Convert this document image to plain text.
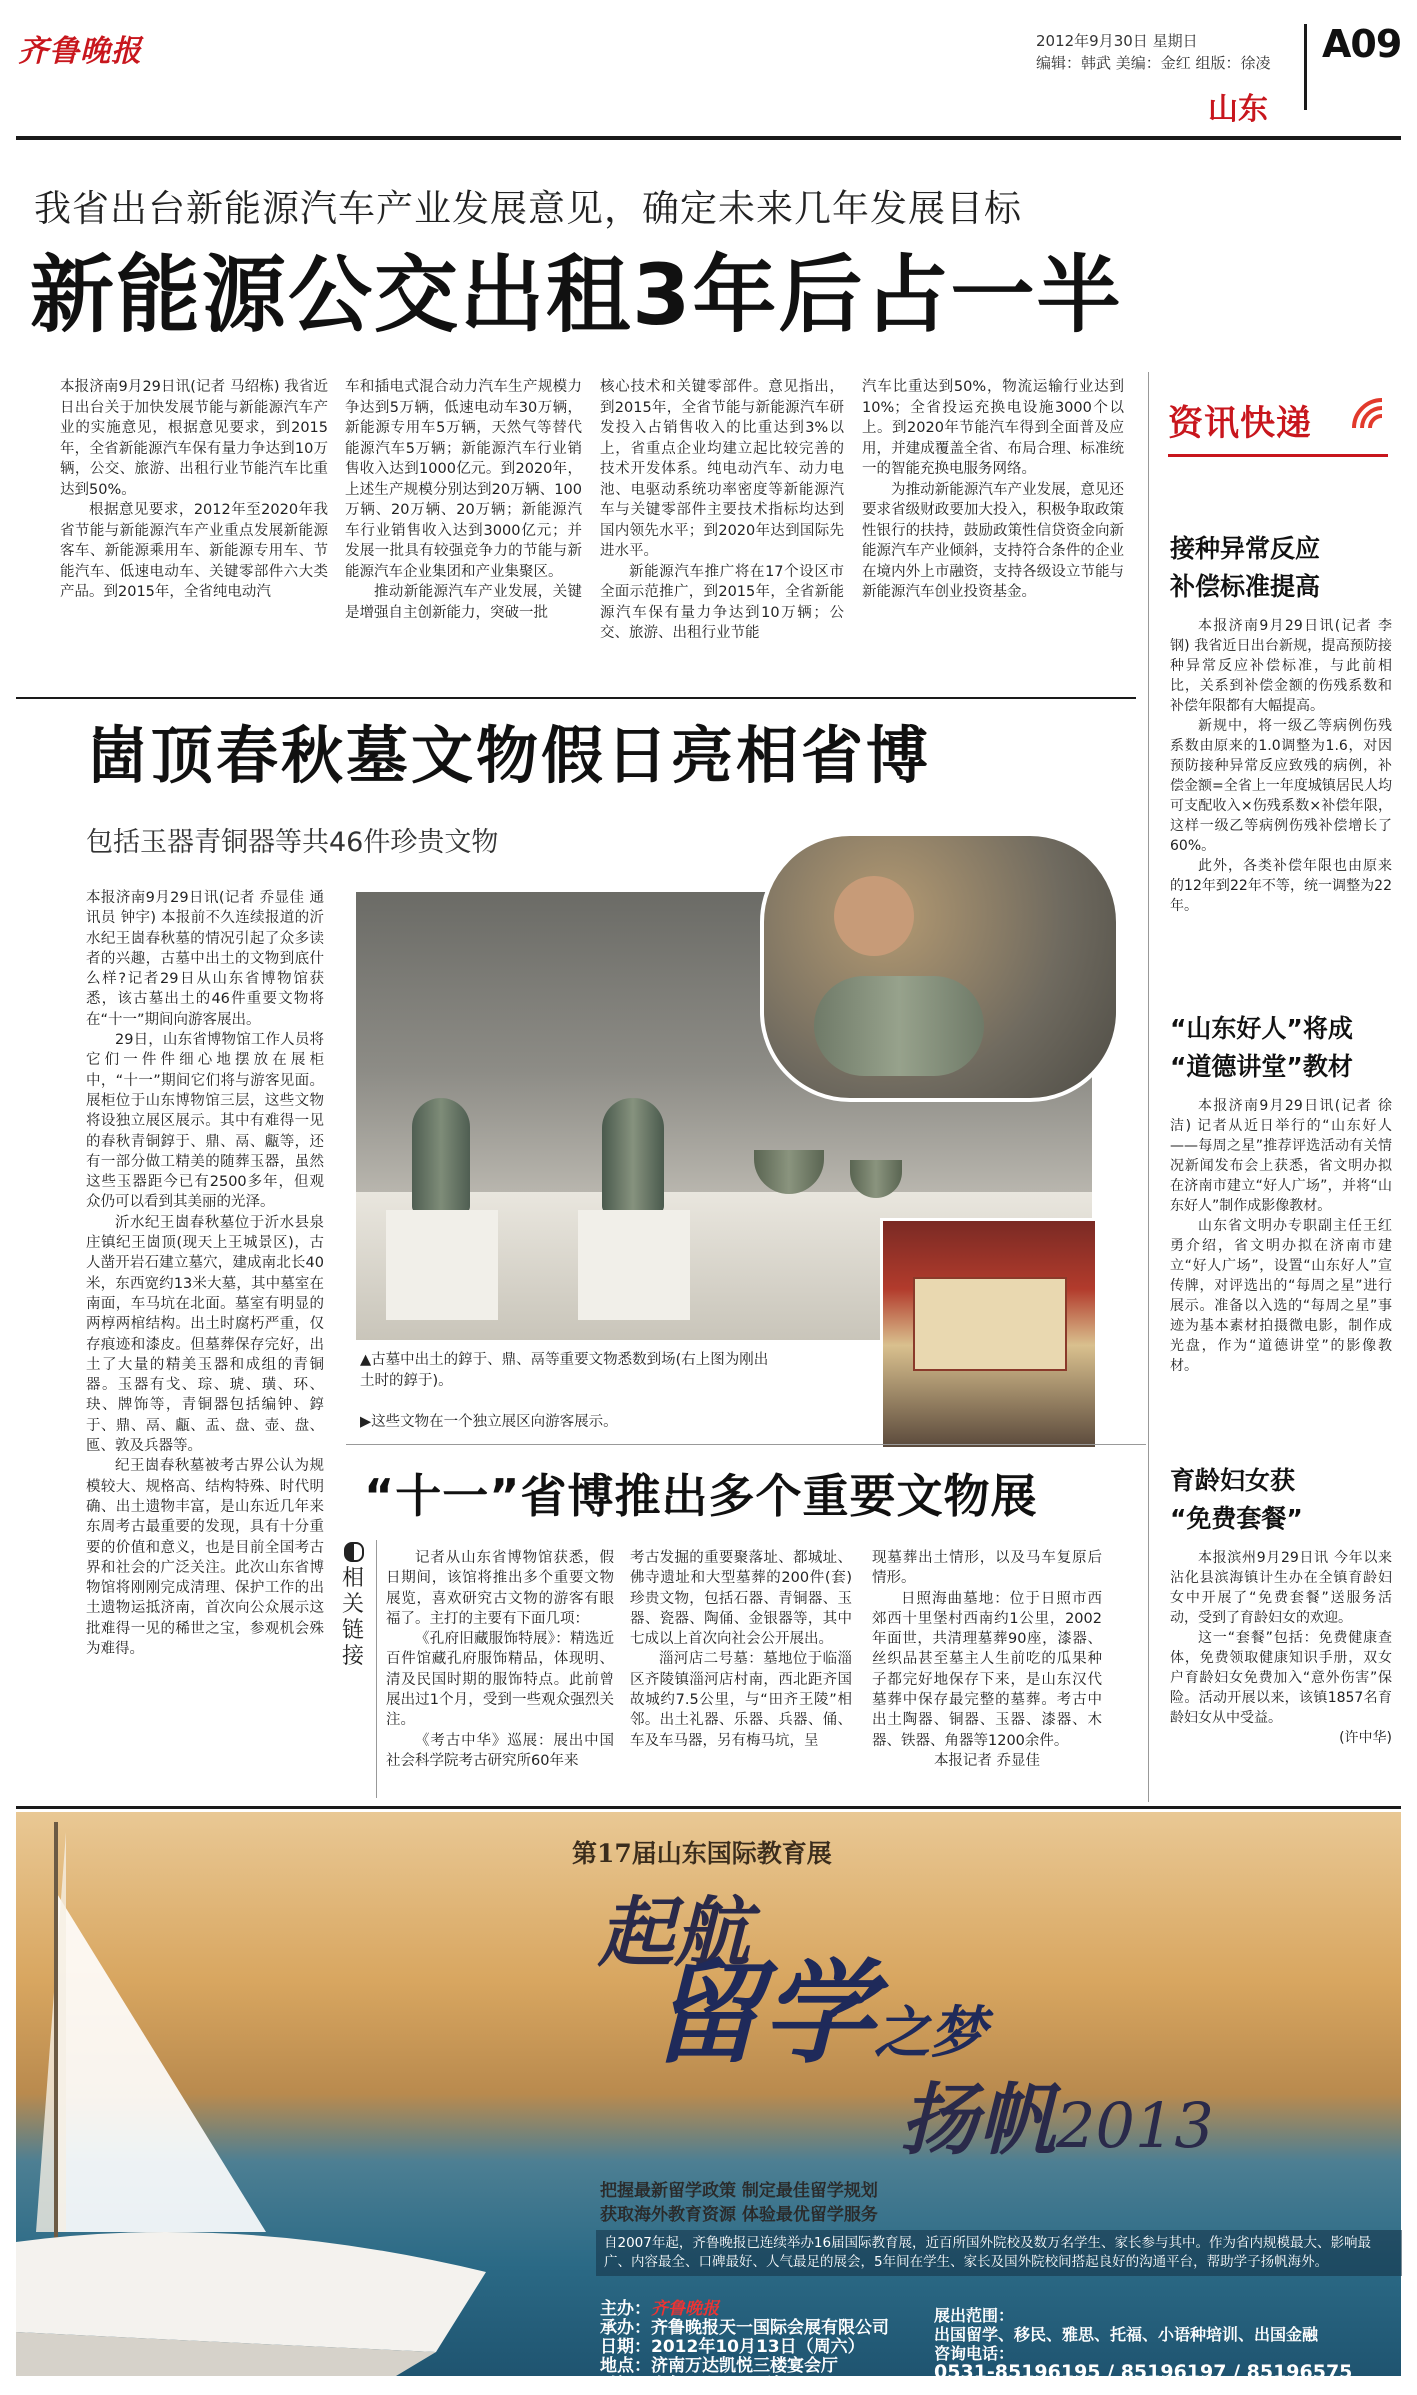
齐鲁晚报	2012年9月30日 星期日
编辑：韩武 美编：金红 组版：徐凌 A09
山东
我省出台新能源汽车产业发展意见，确定未来几年发展目标
新能源公交出租3年后占一半

本报济南9月29日讯(记者 马绍栋) 我省近日出台关于加快发展节能与新能源汽车产业的实施意见，根据意见要求，到2015年，全省新能源汽车保有量力争达到10万辆，公交、旅游、出租行业节能汽车比重达到50%。

根据意见要求，2012年至2020年我省节能与新能源汽车产业重点发展新能源客车、新能源乘用车、新能源专用车、节能汽车、低速电动车、关键零部件六大类产品。到2015年，全省纯电动汽

车和插电式混合动力汽车生产规模力争达到5万辆，低速电动车30万辆，新能源专用车5万辆，天然气等替代能源汽车5万辆；新能源汽车行业销售收入达到1000亿元。到2020年，上述生产规模分别达到20万辆、100万辆、20万辆、20万辆；新能源汽车行业销售收入达到3000亿元；并发展一批具有较强竞争力的节能与新能源汽车企业集团和产业集聚区。

推动新能源汽车产业发展，关键是增强自主创新能力，突破一批

核心技术和关键零部件。意见指出，到2015年，全省节能与新能源汽车研发投入占销售收入的比重达到3%以上，省重点企业均建立起比较完善的技术开发体系。纯电动汽车、动力电池、电驱动系统功率密度等新能源汽车与关键零部件主要技术指标均达到国内领先水平；到2020年达到国际先进水平。

新能源汽车推广将在17个设区市全面示范推广，到2015年，全省新能源汽车保有量力争达到10万辆；公交、旅游、出租行业节能

汽车比重达到50%，物流运输行业达到10%；全省投运充换电设施3000个以上。到2020年节能汽车得到全面普及应用，并建成覆盖全省、布局合理、标准统一的智能充换电服务网络。

为推动新能源汽车产业发展，意见还要求省级财政要加大投入，积极争取政策性银行的扶持，鼓励政策性信贷资金向新能源汽车产业倾斜，支持符合条件的企业在境内外上市融资，支持各级设立节能与新能源汽车创业投资基金。

资讯快递
接种异常反应
补偿标准提高

本报济南9月29日讯(记者 李钢) 我省近日出台新规，提高预防接种异常反应补偿标准，与此前相比，关系到补偿金额的伤残系数和补偿年限都有大幅提高。

新规中，将一级乙等病例伤残系数由原来的1.0调整为1.6，对因预防接种异常反应致残的病例，补偿金额=全省上一年度城镇居民人均可支配收入×伤残系数×补偿年限，这样一级乙等病例伤残补偿增长了60%。

此外，各类补偿年限也由原来的12年到22年不等，统一调整为22年。

“山东好人”将成
“道德讲堂”教材

本报济南9月29日讯(记者 徐洁) 记者从近日举行的“山东好人——每周之星”推荐评选活动有关情况新闻发布会上获悉，省文明办拟在济南市建立“好人广场”，并将“山东好人”制作成影像教材。

山东省文明办专职副主任王红勇介绍，省文明办拟在济南市建立“好人广场”，设置“山东好人”宣传牌，对评选出的“每周之星”进行展示。准备以入选的“每周之星”事迹为基本素材拍摄微电影，制作成光盘，作为“道德讲堂”的影像教材。

育龄妇女获
“免费套餐”

本报滨州9月29日讯 今年以来沾化县滨海镇计生办在全镇育龄妇女中开展了“免费套餐”送服务活动，受到了育龄妇女的欢迎。

这一“套餐”包括：免费健康查体，免费领取健康知识手册，双女户育龄妇女免费加入“意外伤害”保险。活动开展以来，该镇1857名育龄妇女从中受益。

(许中华)
崮顶春秋墓文物假日亮相省博
包括玉器青铜器等共46件珍贵文物

本报济南9月29日讯(记者 乔显佳 通讯员 钟宇) 本报前不久连续报道的沂水纪王崮春秋墓的情况引起了众多读者的兴趣，古墓中出土的文物到底什么样?记者29日从山东省博物馆获悉，该古墓出土的46件重要文物将在“十一”期间向游客展出。

29日，山东省博物馆工作人员将它们一件件细心地摆放在展柜中，“十一”期间它们将与游客见面。展柜位于山东博物馆三层，这些文物将设独立展区展示。其中有难得一见的春秋青铜錞于、鼎、鬲、甗等，还有一部分做工精美的随葬玉器，虽然这些玉器距今已有2500多年，但观众仍可以看到其美丽的光泽。

沂水纪王崮春秋墓位于沂水县泉庄镇纪王崮顶(现天上王城景区)，古人凿开岩石建立墓穴，建成南北长40米，东西宽约13米大墓，其中墓室在南面，车马坑在北面。墓室有明显的两椁两棺结构。出土时腐朽严重，仅存痕迹和漆皮。但墓葬保存完好，出土了大量的精美玉器和成组的青铜器。玉器有戈、琮、琥、璜、环、玦、牌饰等，青铜器包括编钟、錞于、鼎、鬲、甗、盂、盘、壶、盘、匜、敦及兵器等。

纪王崮春秋墓被考古界公认为规模较大、规格高、结构特殊、时代明确、出土遗物丰富，是山东近几年来东周考古最重要的发现，具有十分重要的价值和意义，也是目前全国考古界和社会的广泛关注。此次山东省博物馆将刚刚完成清理、保护工作的出土遗物运抵济南，首次向公众展示这批难得一见的稀世之宝，参观机会殊为难得。

▲古墓中出土的錞于、鼎、鬲等重要文物悉数到场(右上图为刚出土时的錞于)。
▶这些文物在一个独立展区向游客展示。
“十一”省博推出多个重要文物展
相关链接

记者从山东省博物馆获悉，假日期间，该馆将推出多个重要文物展览，喜欢研究古文物的游客有眼福了。主打的主要有下面几项：

《孔府旧藏服饰特展》：精选近百件馆藏孔府服饰精品，体现明、清及民国时期的服饰特点。此前曾展出过1个月，受到一些观众强烈关注。

《考古中华》巡展：展出中国社会科学院考古研究所60年来

考古发掘的重要聚落址、都城址、佛寺遗址和大型墓葬的200件(套)珍贵文物，包括石器、青铜器、玉器、瓷器、陶俑、金银器等，其中七成以上首次向社会公开展出。

淄河店二号墓：墓地位于临淄区齐陵镇淄河店村南，西北距齐国故城约7.5公里，与“田齐王陵”相邻。出土礼器、乐器、兵器、俑、车及车马器，另有梅马坑，呈

现墓葬出土情形，以及马车复原后情形。

日照海曲墓地：位于日照市西郊西十里堡村西南约1公里，2002年面世，共清理墓葬90座，漆器、丝织品甚至墓主人生前吃的瓜果种子都完好地保存下来，是山东汉代墓葬中保存最完整的墓葬。考古中出土陶器、铜器、玉器、漆器、木器、铁器、角器等1200余件。

本报记者 乔显佳
第17届山东国际教育展
起航
留学之梦
扬帆2013
把握最新留学政策 制定最佳留学规划
获取海外教育资源 体验最优留学服务
自2007年起，齐鲁晚报已连续举办16届国际教育展，近百所国外院校及数万名学生、家长参与其中。作为省内规模最大、影响最广、内容最全、口碑最好、人气最足的展会，5年间在学生、家长及国外院校间搭起良好的沟通平台，帮助学子扬帆海外。
主办：齐鲁晚报
承办：齐鲁晚报天一国际会展有限公司
日期：2012年10月13日（周六）
地点：济南万达凯悦三楼宴会厅
时间：上午8：00—下午15：00
展出范围：
出国留学、移民、雅思、托福、小语种培训、出国金融
咨询电话：
0531-85196195 / 85196197 / 85196575
